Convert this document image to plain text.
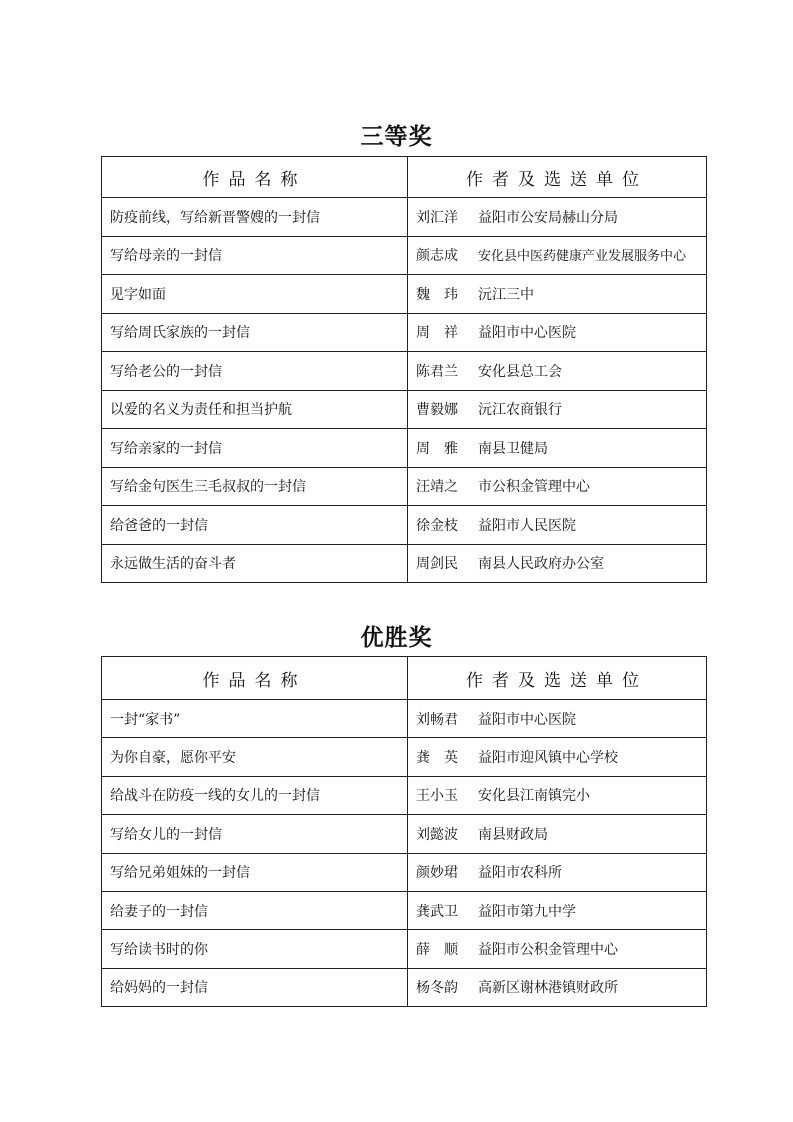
三等奖
作品名称	作者及选送单位
防疫前线，写给新晋警嫂的一封信	刘汇洋 益阳市公安局赫山分局
写给母亲的一封信	颜志成 安化县中医药健康产业发展服务中心
见字如面	魏　玮 沅江三中
写给周氏家族的一封信	周　祥 益阳市中心医院
写给老公的一封信	陈君兰 安化县总工会
以爱的名义为责任和担当护航	曹毅娜 沅江农商银行
写给亲家的一封信	周　雅 南县卫健局
写给金句医生三毛叔叔的一封信	汪靖之 市公积金管理中心
给爸爸的一封信	徐金枝 益阳市人民医院
永远做生活的奋斗者	周剑民 南县人民政府办公室
优胜奖
作品名称	作者及选送单位
一封“家书”	刘畅君 益阳市中心医院
为你自豪，愿你平安	龚　英 益阳市迎风镇中心学校
给战斗在防疫一线的女儿的一封信	王小玉 安化县江南镇完小
写给女儿的一封信	刘懿波 南县财政局
写给兄弟姐妹的一封信	颜妙珺 益阳市农科所
给妻子的一封信	龚武卫 益阳市第九中学
写给读书时的你	薛　顺 益阳市公积金管理中心
给妈妈的一封信	杨冬韵 高新区谢林港镇财政所
